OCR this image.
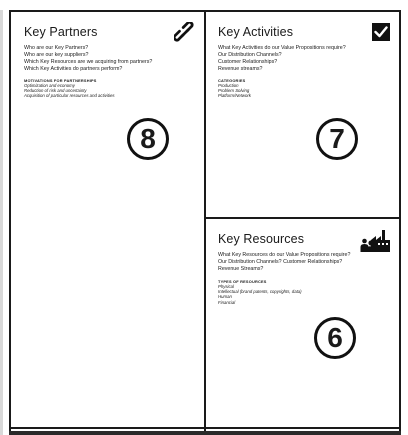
Key Partners
Who are our Key Partners?
Who are our key suppliers?
Which Key Resources are we acquiring from partners?
Which Key Activities do partners perform?
MOTIVATIONS FOR PARTNERSHIPS
Optimization and economy
Reduction of risk and uncertainty
Acquisition of particular resources and activities
8
Key Activities
What Key Activities do our Value Propositions require?
Our Distribution Channels?
Customer Relationships?
Revenue streams?
CATEGORIES
Production
Problem Solving
Platform/Network
7
Key Resources
What Key Resources do our Value Propositions require?
Our Distribution Channels? Customer Relationships?
Revenue Streams?
TYPES OF RESOURCES
Physical
Intellectual (brand patents, copyrights, data)
Human
Financial
6
